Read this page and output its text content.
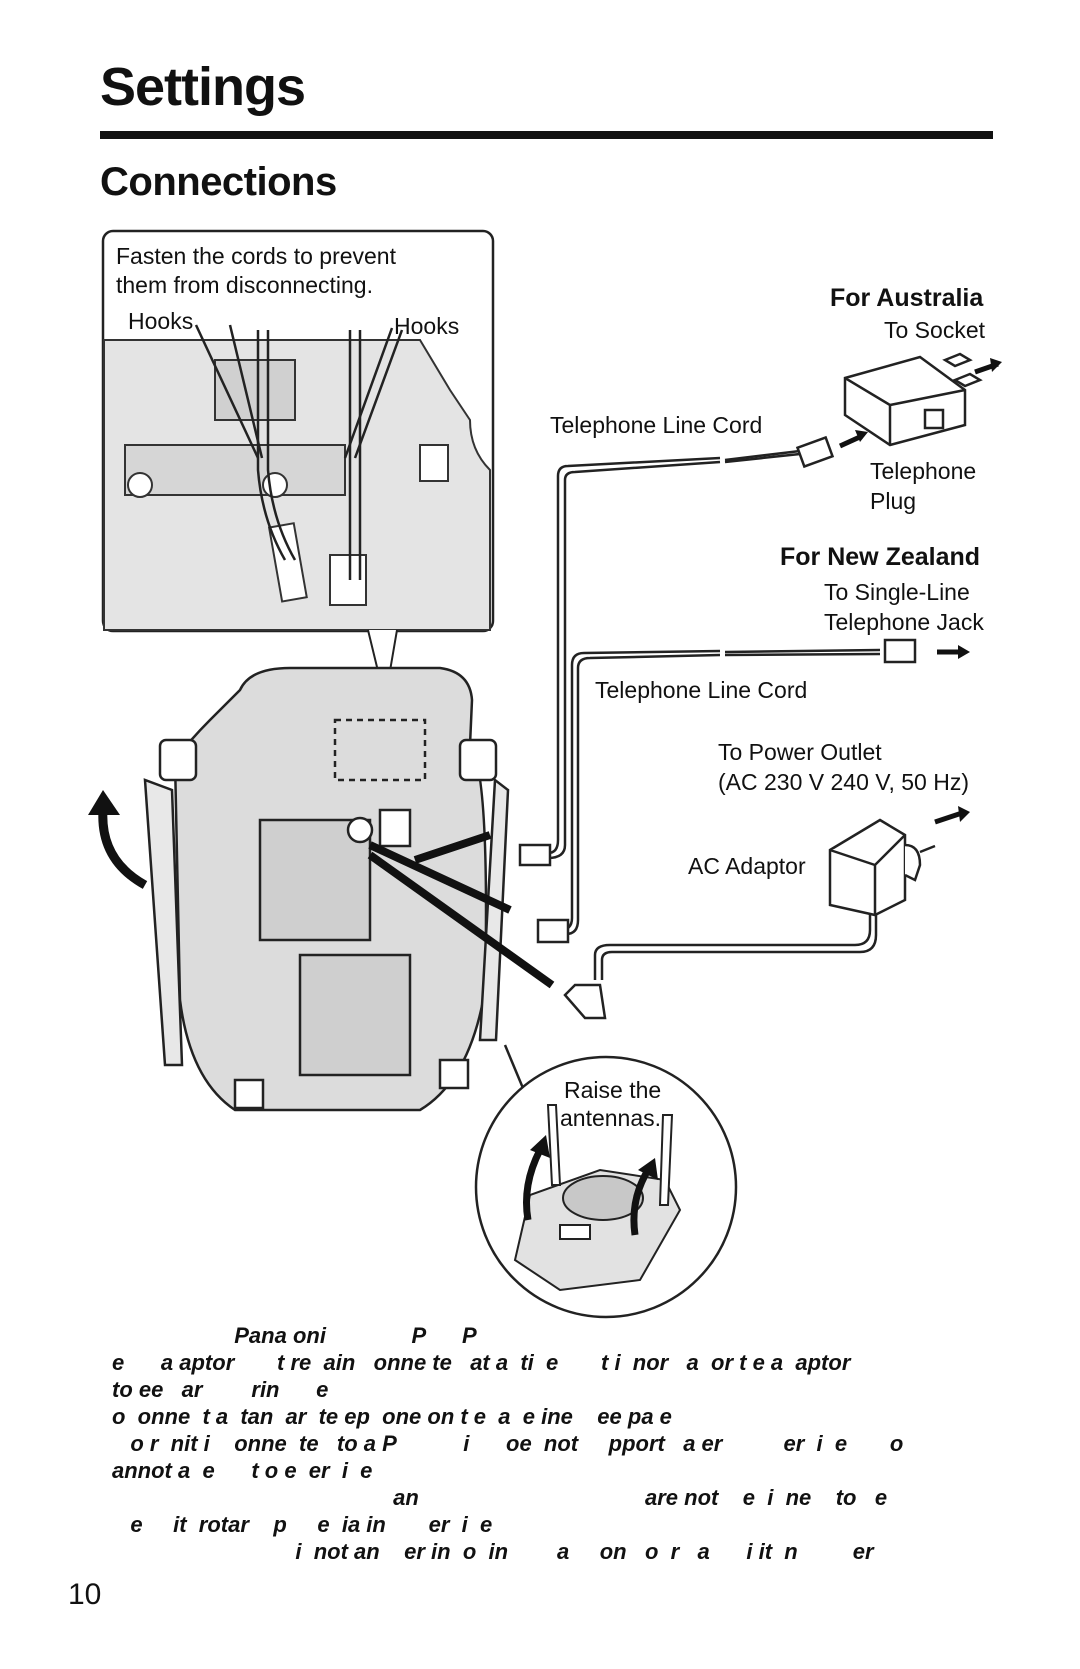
Settings
Connections
Fasten the cords to prevent
them from disconnecting.
Hooks	Hooks
For Australia
To Socket
Telephone Line Cord
Telephone
Plug
For New Zealand
To Single-Line
Telephone Jack
Telephone Line Cord
To Power Outlet
(AC 230 V 240 V, 50 Hz)
AC Adaptor
Raise the
antennas.
Pana oni              P      P
e      a aptor       t re  ain   onne te   at a  ti  e       t i  nor   a  or t e a  aptor
to ee   ar        rin      e
o  onne  t a  tan  ar  te ep  one on t e  a  e ine    ee pa e
o r  nit i    onne  te   to a P           i      oe  not     pport   a er          er  i  e       o
annot a  e      t o e  er  i  e
an                                     are not    e  i  ne    to   e
e     it  rotar    p     e  ia in       er  i  e
i  not an    er in  o  in        a     on   o  r   a      i it  n         er
10
